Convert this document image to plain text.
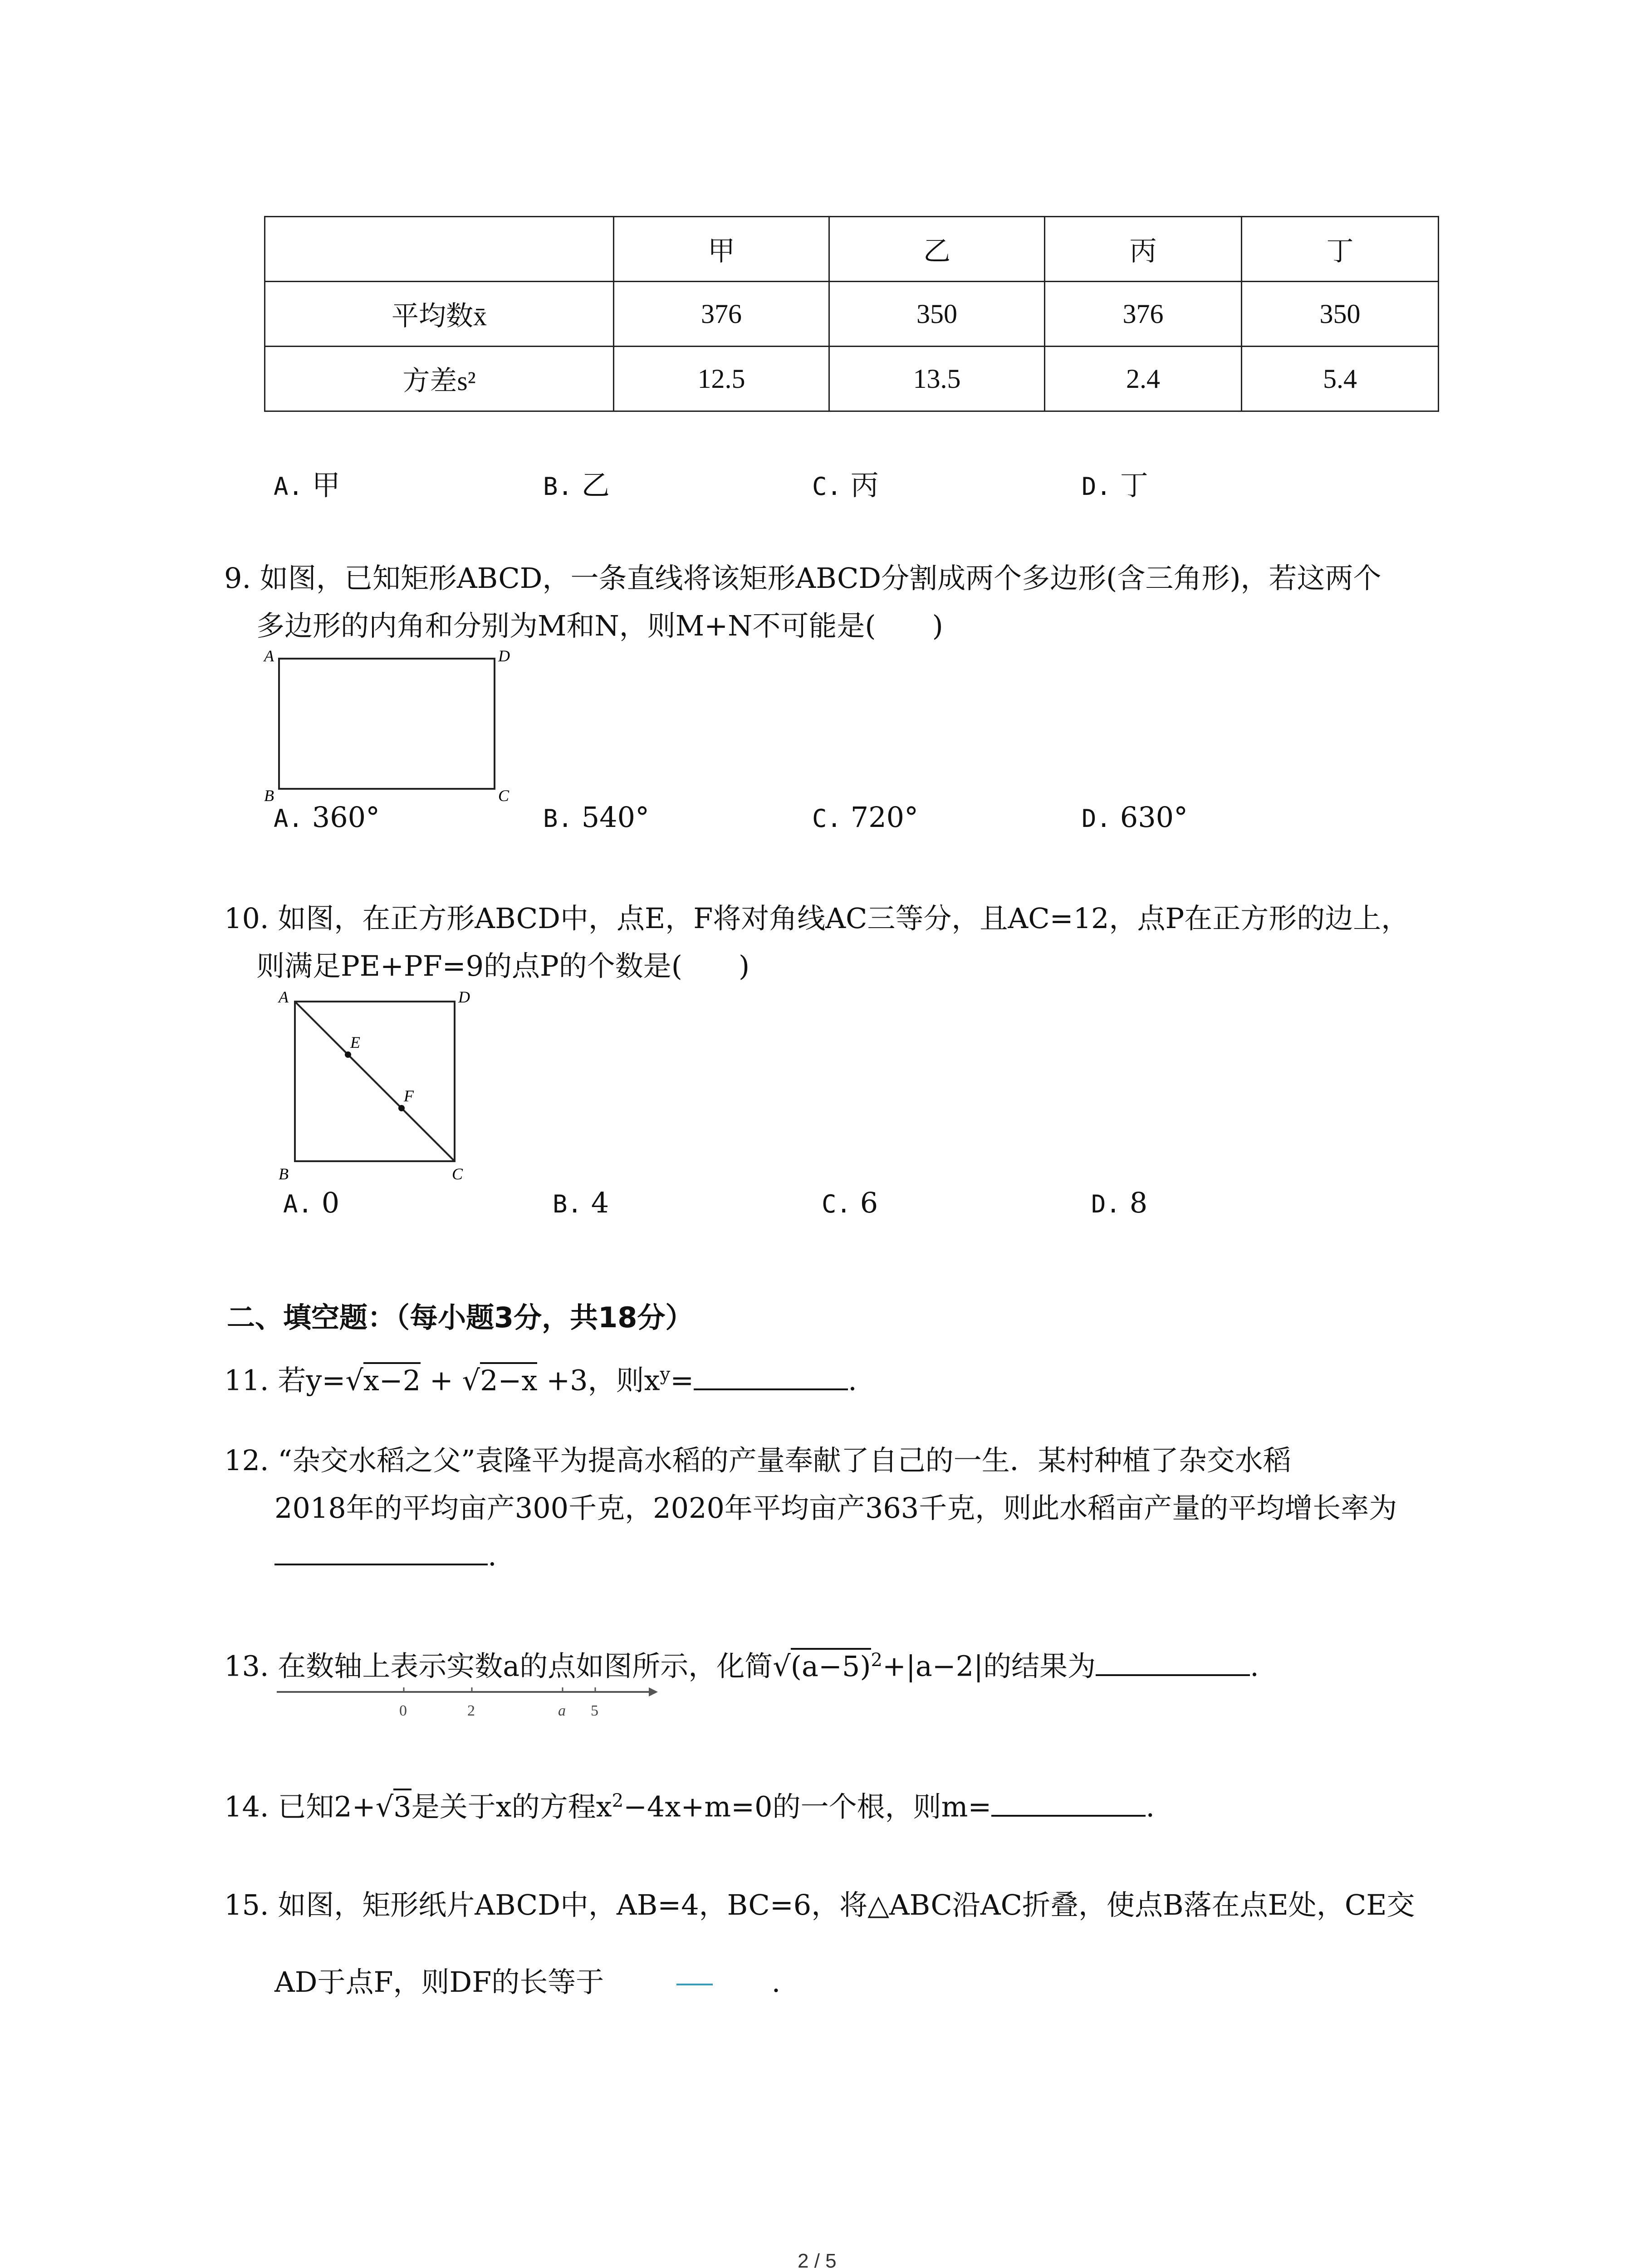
	甲	乙	丙	丁
平均数x̄	376	350	376	350
方差s²	12.5	13.5	2.4	5.4
A. 甲	B. 乙	C. 丙	D. 丁
9. 如图，已知矩形ABCD，一条直线将该矩形ABCD分割成两个多边形(含三角形)，若这两个
多边形的内角和分别为M和N，则M+N不可能是(　　)
A	D
B	C
A. 360°	B. 540°	C. 720°	D. 630°
10. 如图，在正方形ABCD中，点E，F将对角线AC三等分，且AC=12，点P在正方形的边上，
则满足PE+PF=9的点P的个数是(　　)
A	D
B	C
E
F
A. 0	B. 4	C. 6	D. 8
二、填空题：（每小题3分，共18分）
11. 若y=√x−2 + √2−x +3，则$x^y=$	.
12. “杂交水稻之父”袁隆平为提高水稻的产量奉献了自己的一生．某村种植了杂交水稻
2018年的平均亩产300千克，2020年平均亩产363千克，则此水稻亩产量的平均增长率为
.
13. 在数轴上表示实数a的点如图所示，化简$√(a-5)^2+|a-2|$的结果为	.
0	2	a 5
14. 已知2+√3是关于x的方程$x^2-4x+m=0$的一个根，则m=	.
15. 如图，矩形纸片ABCD中，AB=4，BC=6，将△ABC沿AC折叠，使点B落在点E处，CE交
AD于点F，则DF的长等于	.
2 / 5
